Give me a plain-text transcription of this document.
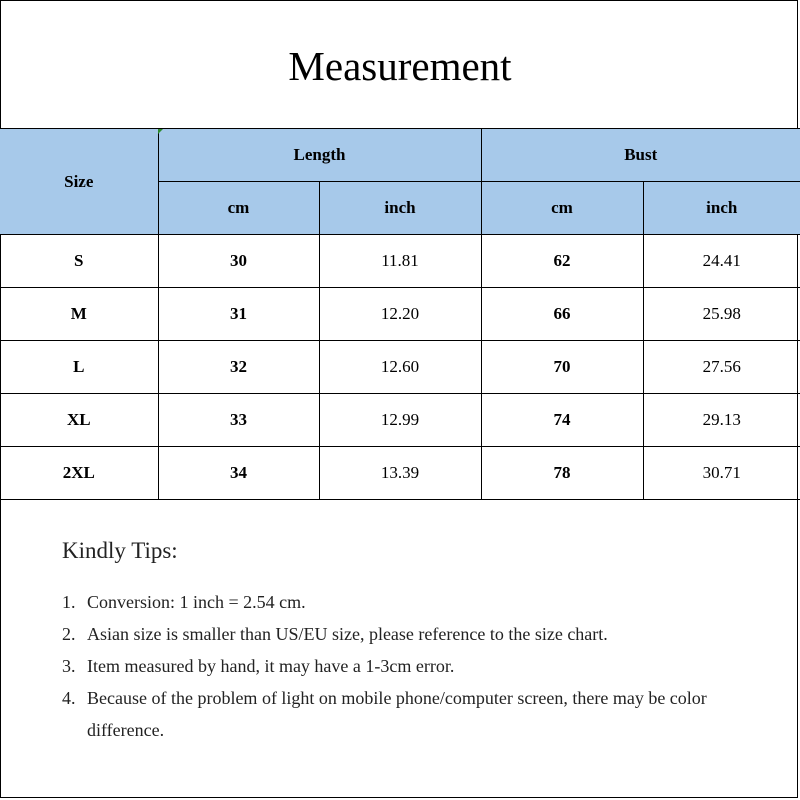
Measurement
Size	Length		Bust	
	cm	inch	cm	inch
S	30	11.81	62	24.41
M	31	12.20	66	25.98
L	32	12.60	70	27.56
XL	33	12.99	74	29.13
2XL	34	13.39	78	30.71
Kindly Tips:
1. Conversion: 1 inch = 2.54 cm.
2. Asian size is smaller than US/EU size, please reference to the size chart.
3. Item measured by hand, it may have a 1-3cm error.
4. Because of the problem of light on mobile phone/computer screen, there may be color difference.
